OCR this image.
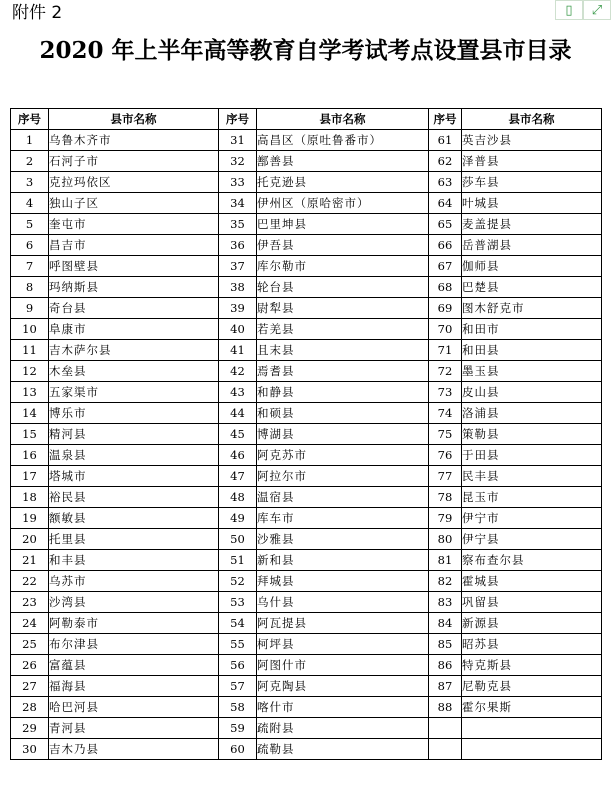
▯	⤢
附件 2
2020 年上半年高等教育自学考试考点设置县市目录
序号	县市名称	序号	县市名称	序号	县市名称
1	乌鲁木齐市	31	高昌区（原吐鲁番市）	61	英吉沙县
2	石河子市	32	鄯善县	62	泽普县
3	克拉玛依区	33	托克逊县	63	莎车县
4	独山子区	34	伊州区（原哈密市）	64	叶城县
5	奎屯市	35	巴里坤县	65	麦盖提县
6	昌吉市	36	伊吾县	66	岳普湖县
7	呼图壁县	37	库尔勒市	67	伽师县
8	玛纳斯县	38	轮台县	68	巴楚县
9	奇台县	39	尉犁县	69	图木舒克市
10	阜康市	40	若羌县	70	和田市
11	吉木萨尔县	41	且末县	71	和田县
12	木垒县	42	焉耆县	72	墨玉县
13	五家渠市	43	和静县	73	皮山县
14	博乐市	44	和硕县	74	洛浦县
15	精河县	45	博湖县	75	策勒县
16	温泉县	46	阿克苏市	76	于田县
17	塔城市	47	阿拉尔市	77	民丰县
18	裕民县	48	温宿县	78	昆玉市
19	额敏县	49	库车市	79	伊宁市
20	托里县	50	沙雅县	80	伊宁县
21	和丰县	51	新和县	81	察布查尔县
22	乌苏市	52	拜城县	82	霍城县
23	沙湾县	53	乌什县	83	巩留县
24	阿勒泰市	54	阿瓦提县	84	新源县
25	布尔津县	55	柯坪县	85	昭苏县
26	富蕴县	56	阿图什市	86	特克斯县
27	福海县	57	阿克陶县	87	尼勒克县
28	哈巴河县	58	喀什市	88	霍尔果斯
29	青河县	59	疏附县		
30	吉木乃县	60	疏勒县		
